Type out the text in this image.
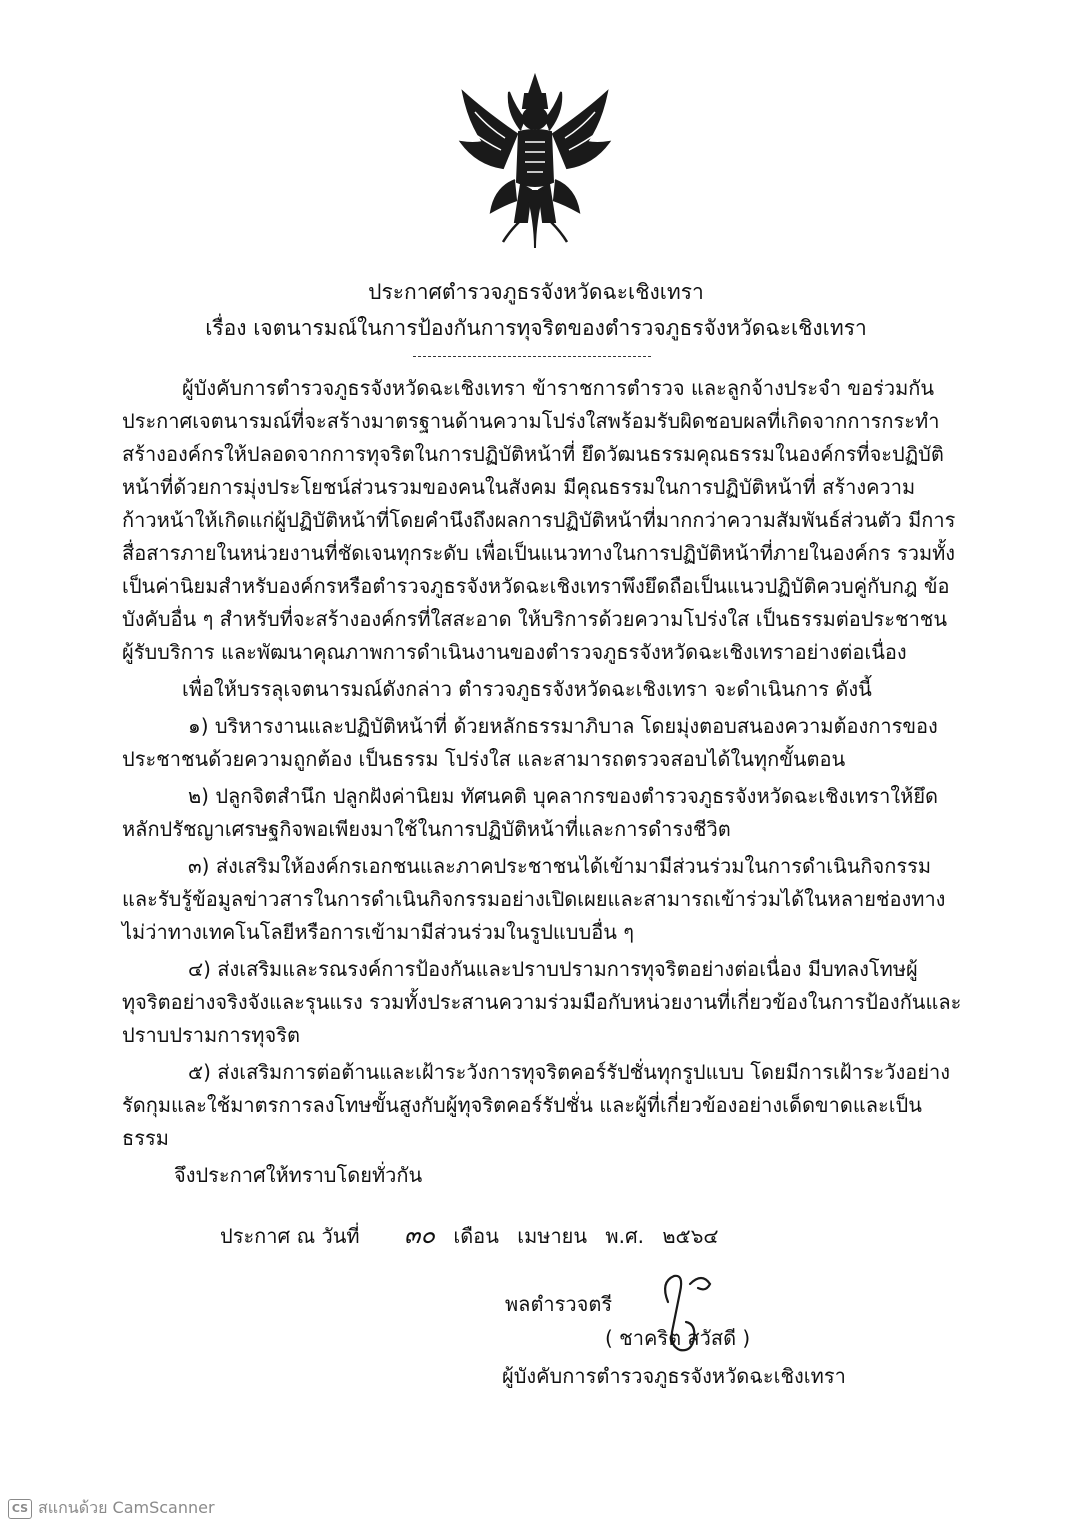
ประกาศตำรวจภูธรจังหวัดฉะเชิงเทรา
เรื่อง เจตนารมณ์ในการป้องกันการทุจริตของตำรวจภูธรจังหวัดฉะเชิงเทรา

ผู้บังคับการตำรวจภูธรจังหวัดฉะเชิงเทรา ข้าราชการตำรวจ และลูกจ้างประจำ ขอร่วมกันประกาศเจตนารมณ์ที่จะสร้างมาตรฐานด้านความโปร่งใสพร้อมรับผิดชอบผลที่เกิดจากการกระทำ สร้างองค์กรให้ปลอดจากการทุจริตในการปฏิบัติหน้าที่ ยึดวัฒนธรรมคุณธรรมในองค์กรที่จะปฏิบัติหน้าที่ด้วยการมุ่งประโยชน์ส่วนรวมของคนในสังคม มีคุณธรรมในการปฏิบัติหน้าที่ สร้างความก้าวหน้าให้เกิดแก่ผู้ปฏิบัติหน้าที่โดยคำนึงถึงผลการปฏิบัติหน้าที่มากกว่าความสัมพันธ์ส่วนตัว มีการสื่อสารภายในหน่วยงานที่ชัดเจนทุกระดับ เพื่อเป็นแนวทางในการปฏิบัติหน้าที่ภายในองค์กร รวมทั้งเป็นค่านิยมสำหรับองค์กรหรือตำรวจภูธรจังหวัดฉะเชิงเทราพึงยึดถือเป็นแนวปฏิบัติควบคู่กับกฎ ข้อบังคับอื่น ๆ สำหรับที่จะสร้างองค์กรที่ใสสะอาด ให้บริการด้วยความโปร่งใส เป็นธรรมต่อประชาชน ผู้รับบริการ และพัฒนาคุณภาพการดำเนินงานของตำรวจภูธรจังหวัดฉะเชิงเทราอย่างต่อเนื่อง

เพื่อให้บรรลุเจตนารมณ์ดังกล่าว ตำรวจภูธรจังหวัดฉะเชิงเทรา จะดำเนินการ ดังนี้

๑) บริหารงานและปฏิบัติหน้าที่ ด้วยหลักธรรมาภิบาล โดยมุ่งตอบสนองความต้องการของประชาชนด้วยความถูกต้อง เป็นธรรม โปร่งใส และสามารถตรวจสอบได้ในทุกขั้นตอน

๒) ปลูกจิตสำนึก ปลูกฝังค่านิยม ทัศนคติ บุคลากรของตำรวจภูธรจังหวัดฉะเชิงเทราให้ยึดหลักปรัชญาเศรษฐกิจพอเพียงมาใช้ในการปฏิบัติหน้าที่และการดำรงชีวิต

๓) ส่งเสริมให้องค์กรเอกชนและภาคประชาชนได้เข้ามามีส่วนร่วมในการดำเนินกิจกรรมและรับรู้ข้อมูลข่าวสารในการดำเนินกิจกรรมอย่างเปิดเผยและสามารถเข้าร่วมได้ในหลายช่องทางไม่ว่าทางเทคโนโลยีหรือการเข้ามามีส่วนร่วมในรูปแบบอื่น ๆ

๔) ส่งเสริมและรณรงค์การป้องกันและปราบปรามการทุจริตอย่างต่อเนื่อง มีบทลงโทษผู้ทุจริตอย่างจริงจังและรุนแรง รวมทั้งประสานความร่วมมือกับหน่วยงานที่เกี่ยวข้องในการป้องกันและปราบปรามการทุจริต

๕) ส่งเสริมการต่อต้านและเฝ้าระวังการทุจริตคอร์รัปชั่นทุกรูปแบบ โดยมีการเฝ้าระวังอย่างรัดกุมและใช้มาตรการลงโทษขั้นสูงกับผู้ทุจริตคอร์รัปชั่น และผู้ที่เกี่ยวข้องอย่างเด็ดขาดและเป็นธรรม

จึงประกาศให้ทราบโดยทั่วกัน

ประกาศ ณ วันที่ ๓๐ เดือน เมษายน พ.ศ. ๒๕๖๔
พลตำรวจตรี
( ชาคริต สวัสดี )
ผู้บังคับการตำรวจภูธรจังหวัดฉะเชิงเทรา
CS สแกนด้วย CamScanner
